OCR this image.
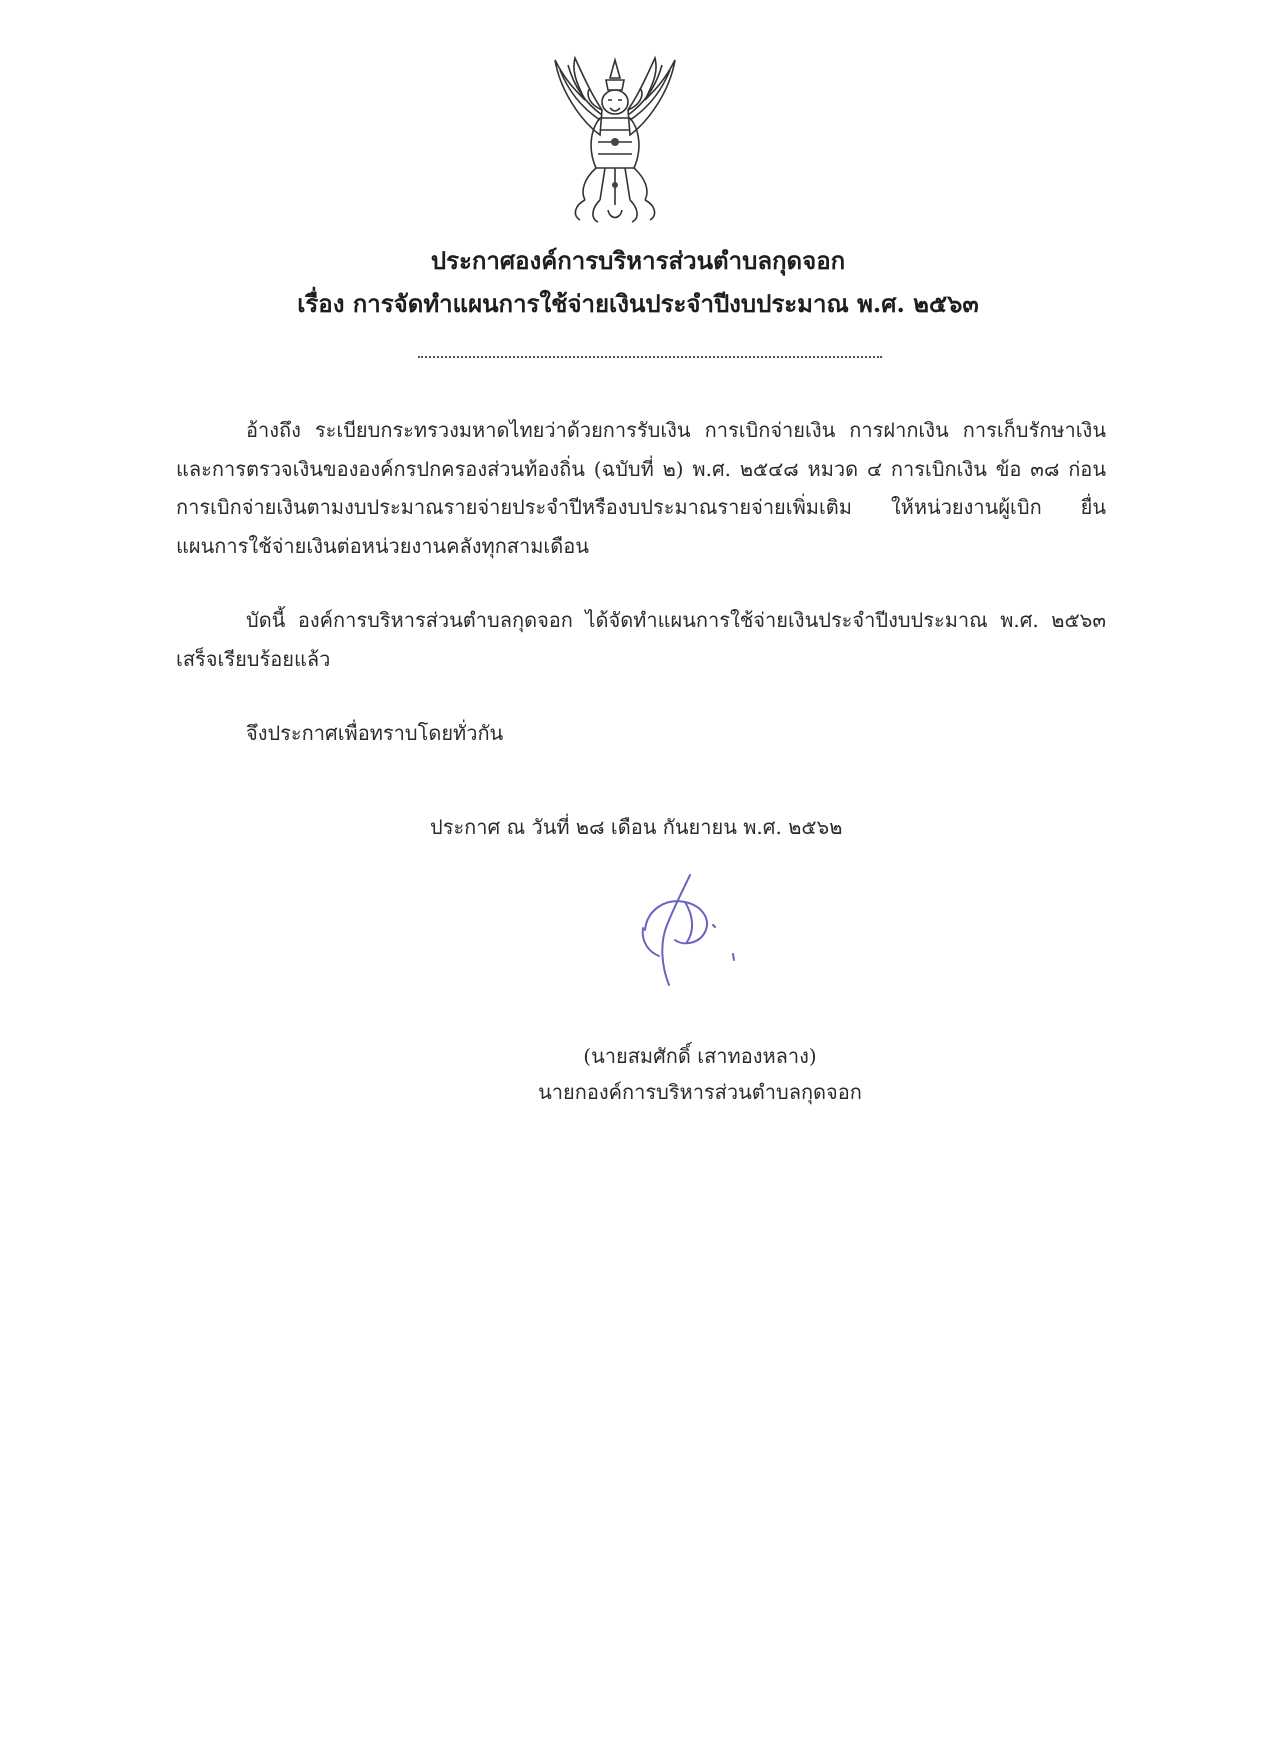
ประกาศองค์การบริหารส่วนตำบลกุดจอก
เรื่อง การจัดทำแผนการใช้จ่ายเงินประจำปีงบประมาณ พ.ศ. ๒๕๖๓
อ้างถึง ระเบียบกระทรวงมหาดไทยว่าด้วยการรับเงิน การเบิกจ่ายเงิน การฝากเงิน การเก็บรักษาเงินและการตรวจเงินขององค์กรปกครองส่วนท้องถิ่น (ฉบับที่ ๒) พ.ศ. ๒๕๔๘ หมวด ๔ การเบิกเงิน ข้อ ๓๘ ก่อนการเบิกจ่ายเงินตามงบประมาณรายจ่ายประจำปีหรืองบประมาณรายจ่ายเพิ่มเติม ให้หน่วยงานผู้เบิก ยื่นแผนการใช้จ่ายเงินต่อหน่วยงานคลังทุกสามเดือน
บัดนี้ องค์การบริหารส่วนตำบลกุดจอก ได้จัดทำแผนการใช้จ่ายเงินประจำปีงบประมาณ พ.ศ. ๒๕๖๓ เสร็จเรียบร้อยแล้ว
จึงประกาศเพื่อทราบโดยทั่วกัน
ประกาศ ณ วันที่ ๒๘ เดือน กันยายน พ.ศ. ๒๕๖๒
(นายสมศักดิ์ เสาทองหลาง)
นายกองค์การบริหารส่วนตำบลกุดจอก
